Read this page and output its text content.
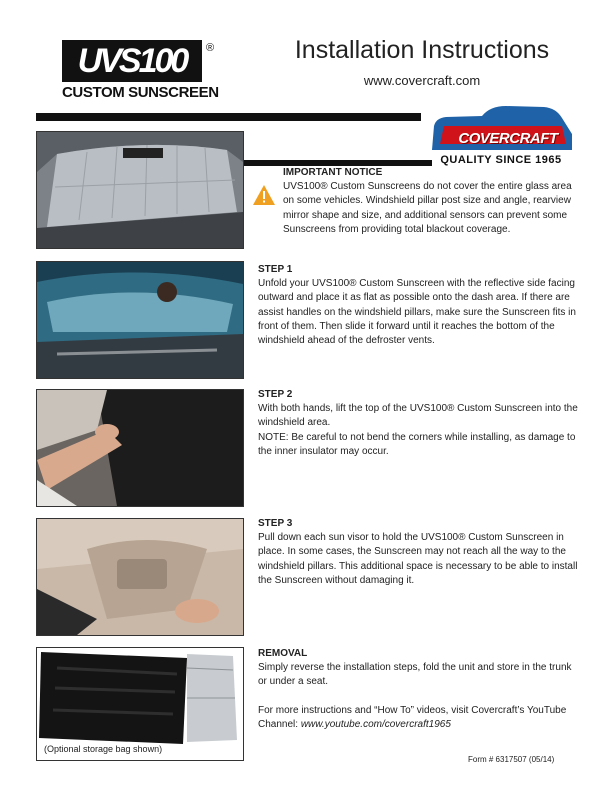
UVS100	®
CUSTOM SUNSCREEN
Installation Instructions
www.covercraft.com
COVERCRAFT
QUALITY SINCE 1965
(Optional storage bag shown)
IMPORTANT NOTICE

UVS100® Custom Sunscreens do not cover the entire glass area on some vehicles. Windshield pillar post size and angle, rearview mirror shape and size, and additional sensors can prevent some Sunscreens from providing total blackout coverage.

STEP 1

Unfold your UVS100® Custom Sunscreen with the reflective side facing outward and place it as flat as possible onto the dash area. If there are assist handles on the windshield pillars, make sure the Sunscreen fits in front of them. Then slide it forward until it reaches the bottom of the windshield ahead of the defroster vents.

STEP 2

With both hands, lift the top of the UVS100® Custom Sunscreen into the windshield area.

NOTE: Be careful to not bend the corners while installing, as damage to the inner insulator may occur.

STEP 3

Pull down each sun visor to hold the UVS100® Custom Sunscreen in place. In some cases, the Sunscreen may not reach all the way to the windshield pillars. This additional space is necessary to be able to install the Sunscreen without damaging it.

REMOVAL

Simply reverse the installation steps, fold the unit and store in the trunk or under a seat.

For more instructions and “How To” videos, visit Covercraft’s YouTube Channel: www.youtube.com/covercraft1965

Form # 6317507 (05/14)
